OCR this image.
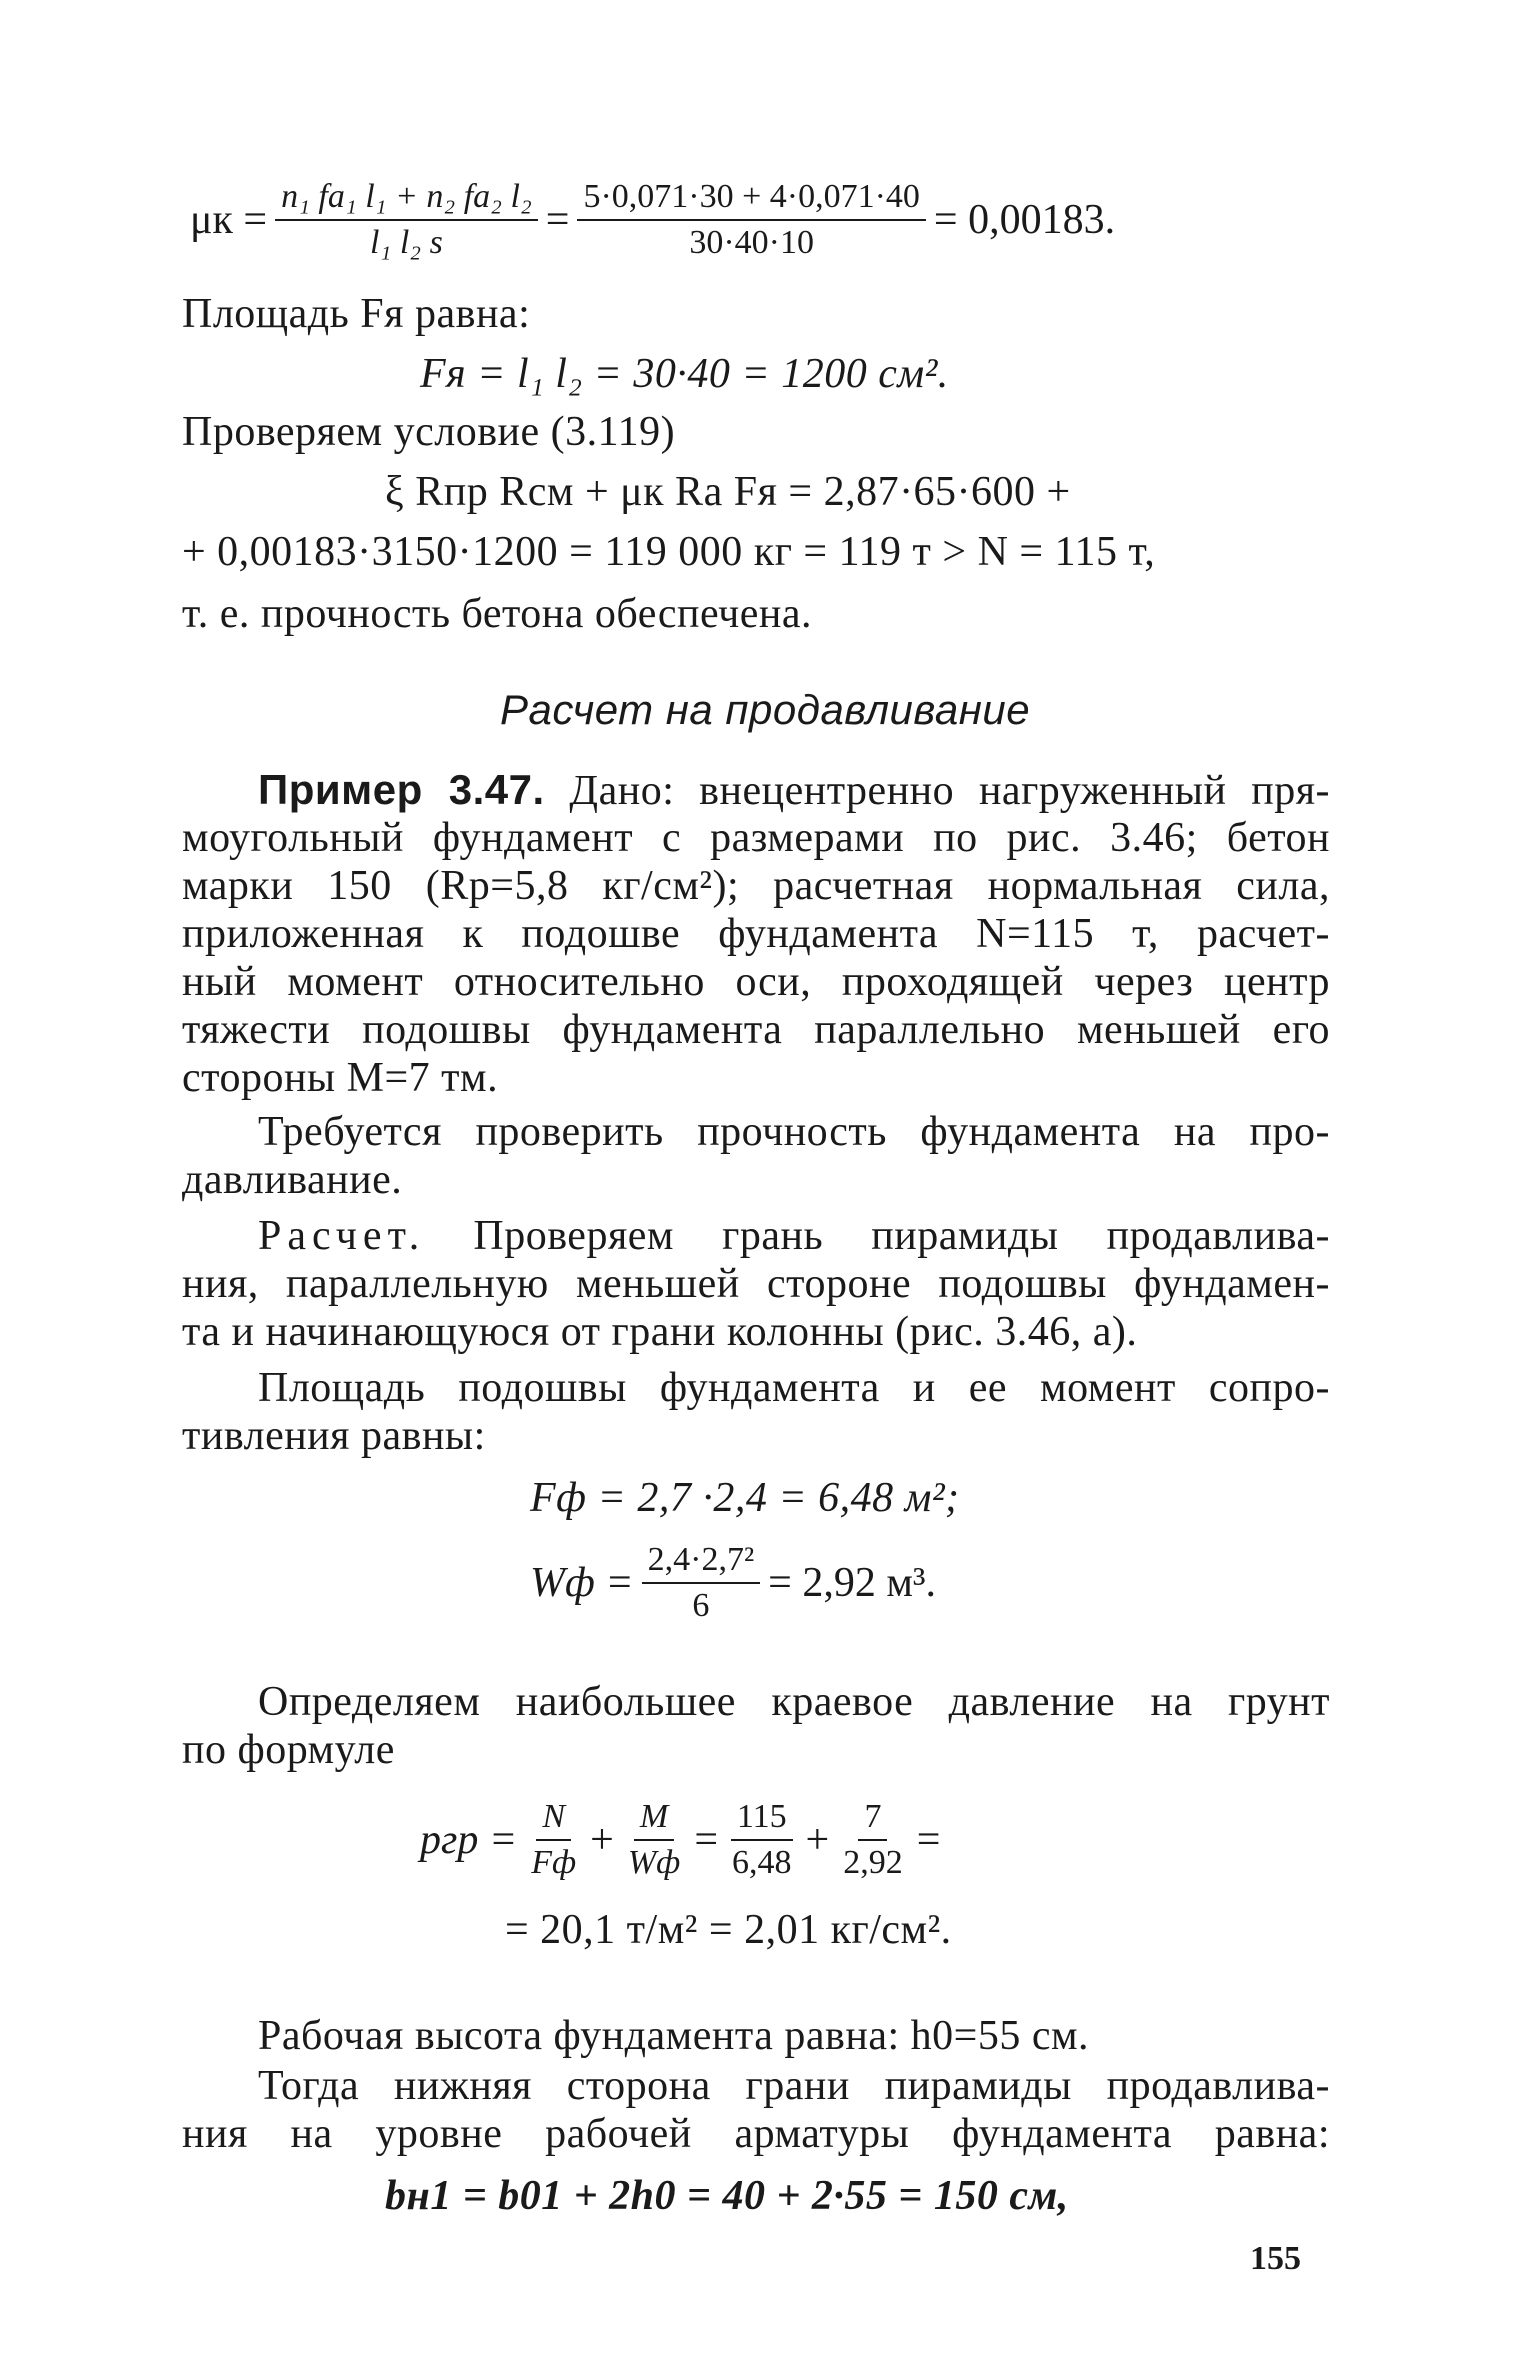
$\mu к = \frac{\text{n₁ fа₁ l₁ + n₂ fа₂ l₂}}{\text{l₁ l₂ s}} = \frac{5\cdot 0,071\cdot 30 + 4\cdot 0,071\cdot 40}{30\cdot 40\cdot 10} = 0,00183$.
Площадь Fя равна:
Fя = l₁ l₂ = 30·40 = 1200 см².
Проверяем условие (3.119)
ξ Rпр Rсм + μк Rа Fя = 2,87·65·600 +
+ 0,00183·3150·1200 = 119 000 кг = 119 т > N = 115 т,
т. е. прочность бетона обеспечена.
Расчет на продавливание
Пример 3.47. Дано: внецентренно нагруженный пря-
моугольный фундамент с размерами по рис. 3.46; бетон
марки 150 (Rр=5,8 кг/см²); расчетная нормальная сила,
приложенная к подошве фундамента N=115 т, расчет-
ный момент относительно оси, проходящей через центр
тяжести подошвы фундамента параллельно меньшей его
стороны M=7 тм.
Требуется проверить прочность фундамента на про-
давливание.
Расчет. Проверяем грань пирамиды продавлива-
ния, параллельную меньшей стороне подошвы фундамен-
та и начинающуюся от грани колонны (рис. 3.46, а).
Площадь подошвы фундамента и ее момент сопро-
тивления равны:
Fф = 2,7 ·2,4 = 6,48 м²;
Wф = $\frac{\text{2,4·2,7²}}{6} = 2,92$ м³.
Определяем наибольшее краевое давление на грунт
по формуле
pгр = $\frac{N}{Fф} + \frac{M}{Wф} = \frac{115}{6,48} + \frac{7}{2,92}$ =
= 20,1 т/м² = 2,01 кг/см².
Рабочая высота фундамента равна: h0=55 см.
Тогда нижняя сторона грани пирамиды продавлива-
ния на уровне рабочей арматуры фундамента равна:
bн1 = b01 + 2h0 = 40 + 2·55 = 150 см,
155
